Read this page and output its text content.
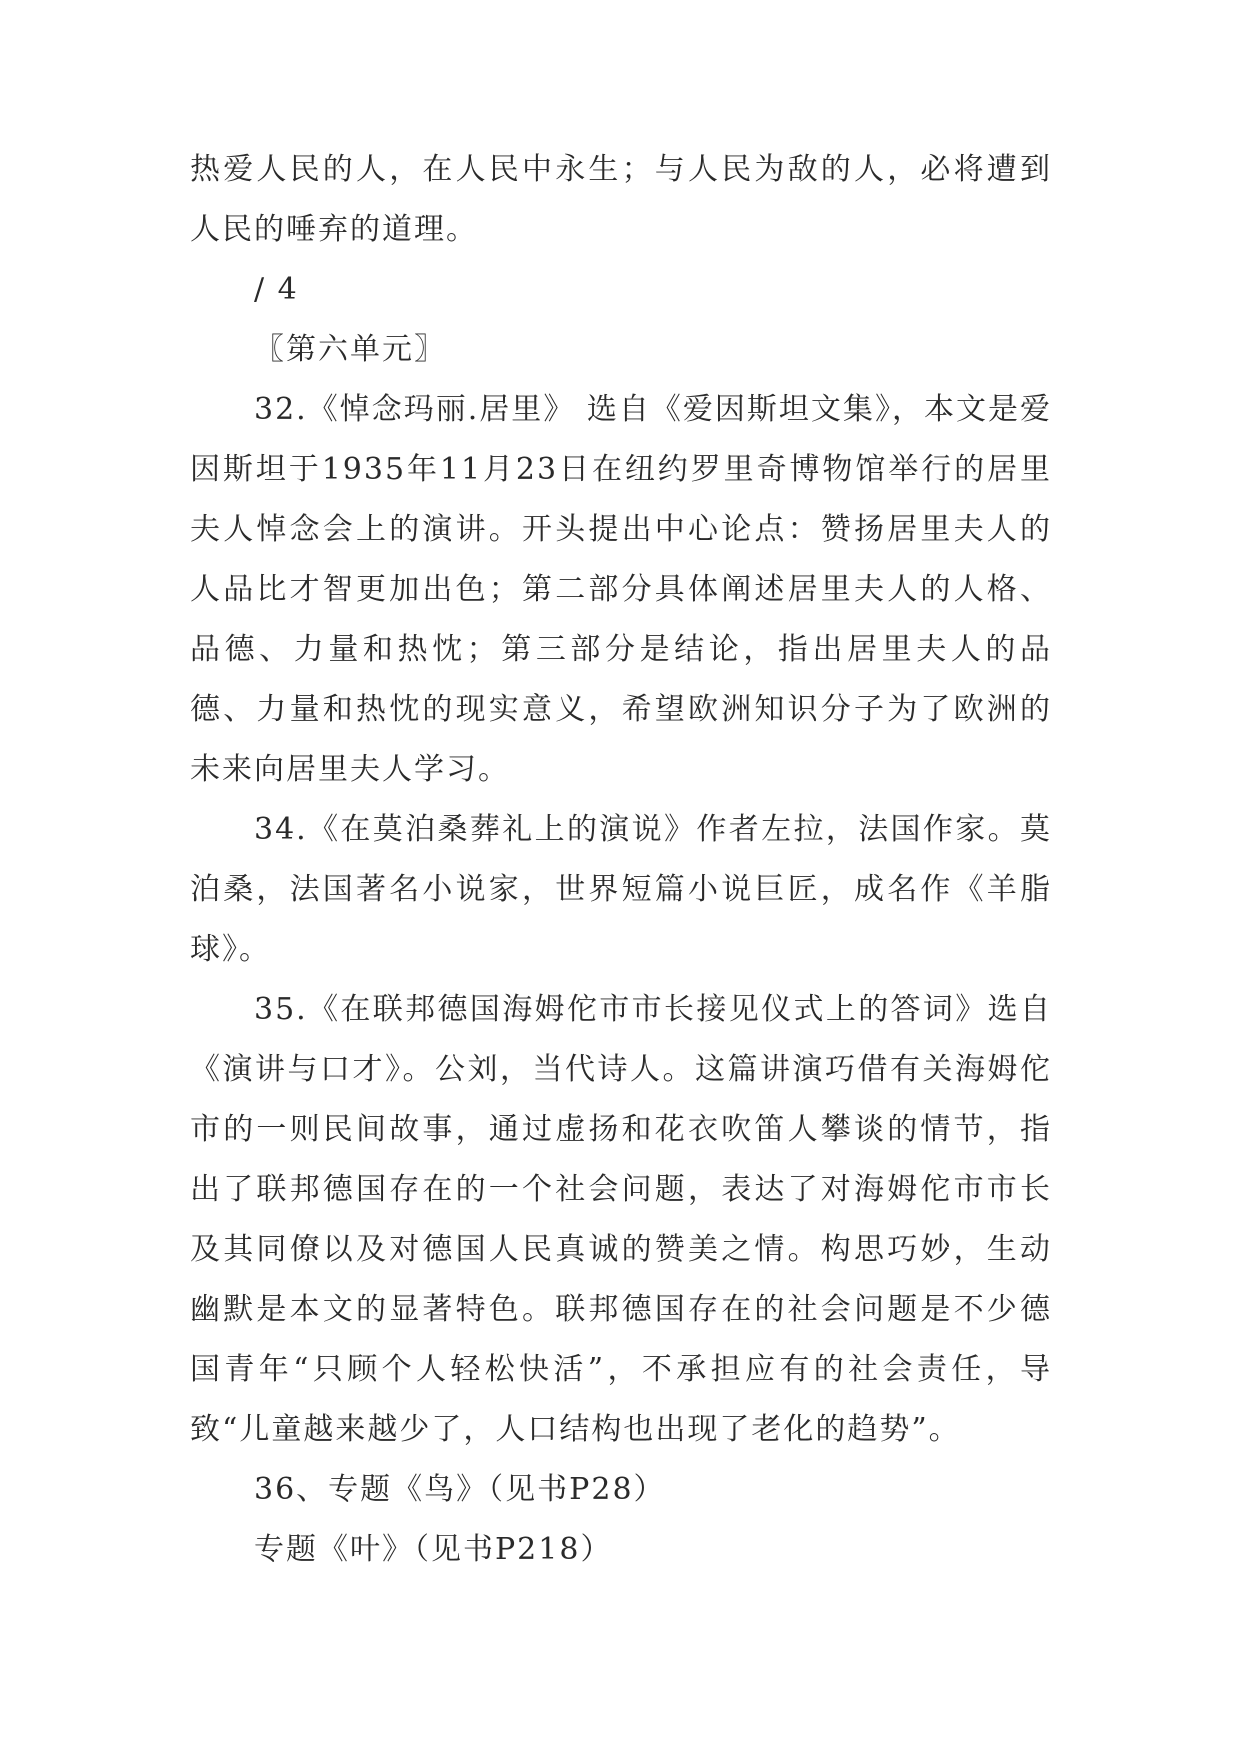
热爱人民的人，在人民中永生；与人民为敌的人，必将遭到人民的唾弃的道理。

/ 4

〖第六单元〗

32.《悼念玛丽.居里》 选自《爱因斯坦文集》，本文是爱因斯坦于1935年11月23日在纽约罗里奇博物馆举行的居里夫人悼念会上的演讲。开头提出中心论点：赞扬居里夫人的人品比才智更加出色；第二部分具体阐述居里夫人的人格、品德、力量和热忱；第三部分是结论，指出居里夫人的品德、力量和热忱的现实意义，希望欧洲知识分子为了欧洲的未来向居里夫人学习。

34.《在莫泊桑葬礼上的演说》作者左拉，法国作家。莫泊桑，法国著名小说家，世界短篇小说巨匠，成名作《羊脂球》。

35.《在联邦德国海姆佗市市长接见仪式上的答词》选自《演讲与口才》。公刘，当代诗人。这篇讲演巧借有关海姆佗市的一则民间故事，通过虚扬和花衣吹笛人攀谈的情节，指出了联邦德国存在的一个社会问题，表达了对海姆佗市市长及其同僚以及对德国人民真诚的赞美之情。构思巧妙，生动幽默是本文的显著特色。联邦德国存在的社会问题是不少德国青年“只顾个人轻松快活”，不承担应有的社会责任，导致“儿童越来越少了，人口结构也出现了老化的趋势”。

36、专题《鸟》（见书P28）

专题《叶》（见书P218）
